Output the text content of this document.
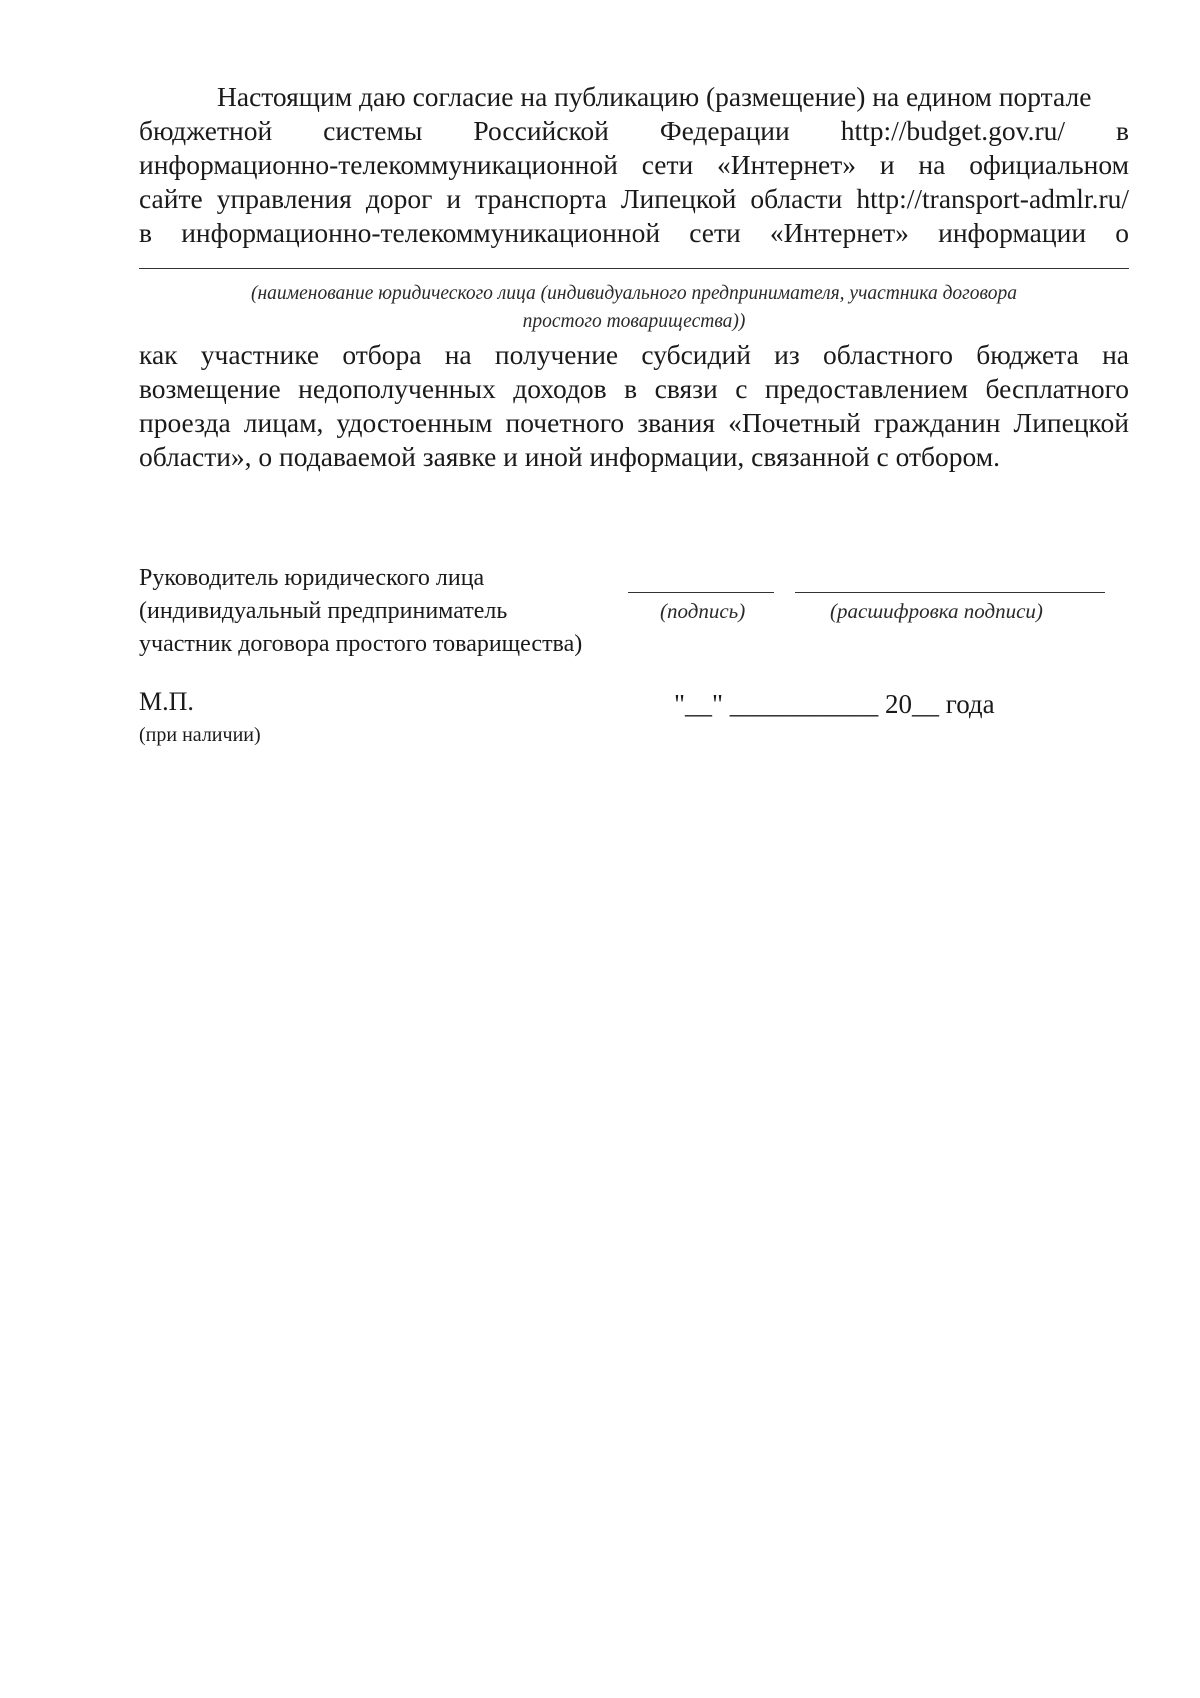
Настоящим даю согласие на публикацию (размещение) на едином портале
бюджетной системы Российской Федерации http://budget.gov.ru/ в
информационно-телекоммуникационной сети «Интернет» и на официальном
сайте управления дорог и транспорта Липецкой области http://transport-admlr.ru/
в информационно-телекоммуникационной сети «Интернет» информации о
(наименование юридического лица (индивидуального предпринимателя, участника договора
простого товарищества))
как участнике отбора на получение субсидий из областного бюджета на
возмещение недополученных доходов в связи с предоставлением бесплатного
проезда лицам, удостоенным почетного звания «Почетный гражданин Липецкой
области», о подаваемой заявке и иной информации, связанной с отбором.
Руководитель юридического лица
(индивидуальный предприниматель
участник договора простого товарищества)
(подпись)	(расшифровка подписи)
М.П.
(при наличии)
"__" ___________ 20__ года
